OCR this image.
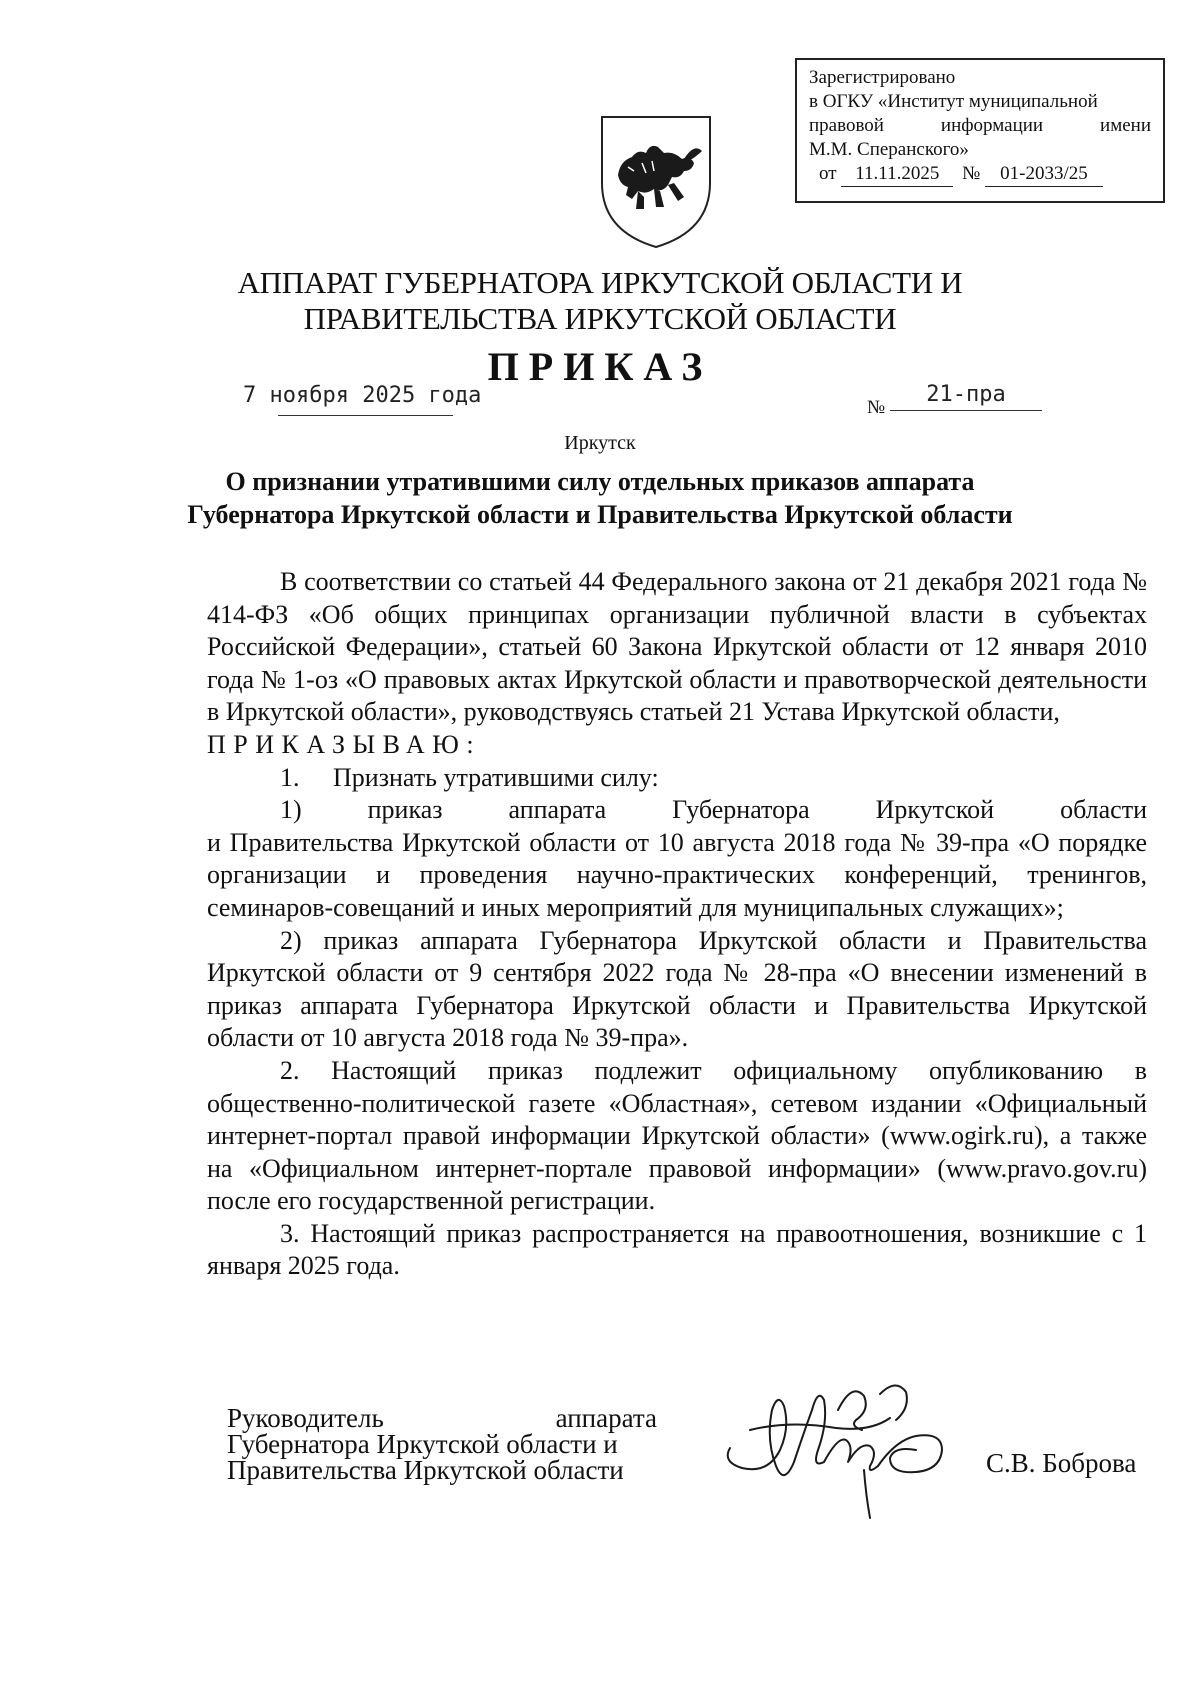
Зарегистрировано
в ОГКУ «Институт муниципальной
правовой информации имени
М.М. Сперанского»
от 11.11.2025 № 01-2033/25
АППАРАТ ГУБЕРНАТОРА ИРКУТСКОЙ ОБЛАСТИ И
ПРАВИТЕЛЬСТВА ИРКУТСКОЙ ОБЛАСТИ
ПРИКАЗ
7 ноября 2025 года	№
21-пра
Иркутск
О признании утратившими силу отдельных приказов аппарата
Губернатора Иркутской области и Правительства Иркутской области

В соответствии со статьей 44 Федерального закона от 21 декабря 2021 года № 414-ФЗ «Об общих принципах организации публичной власти в субъектах Российской Федерации», статьей 60 Закона Иркутской области от 12 января 2010 года № 1-оз «О правовых актах Иркутской области и правотворческой деятельности в Иркутской области», руководствуясь статьей 21 Устава Иркутской области,

ПРИКАЗЫВАЮ:

1. Признать утратившими силу:

1) приказ аппарата Губернатора Иркутской области

и Правительства Иркутской области от 10 августа 2018 года № 39-пра «О порядке организации и проведения научно-практических конференций, тренингов, семинаров-совещаний и иных мероприятий для муниципальных служащих»;

2) приказ аппарата Губернатора Иркутской области и Правительства Иркутской области от 9 сентября 2022 года № 28-пра «О внесении изменений в приказ аппарата Губернатора Иркутской области и Правительства Иркутской области от 10 августа 2018 года № 39-пра».

2. Настоящий приказ подлежит официальному опубликованию в общественно-политической газете «Областная», сетевом издании «Официальный интернет-портал правой информации Иркутской области» (www.ogirk.ru), а также на «Официальном интернет-портале правовой информации» (www.pravo.gov.ru) после его государственной регистрации.

3. Настоящий приказ распространяется на правоотношения, возникшие с 1 января 2025 года.

Руководитель аппарата
Губернатора Иркутской области и
Правительства Иркутской области	С.В. Боброва
